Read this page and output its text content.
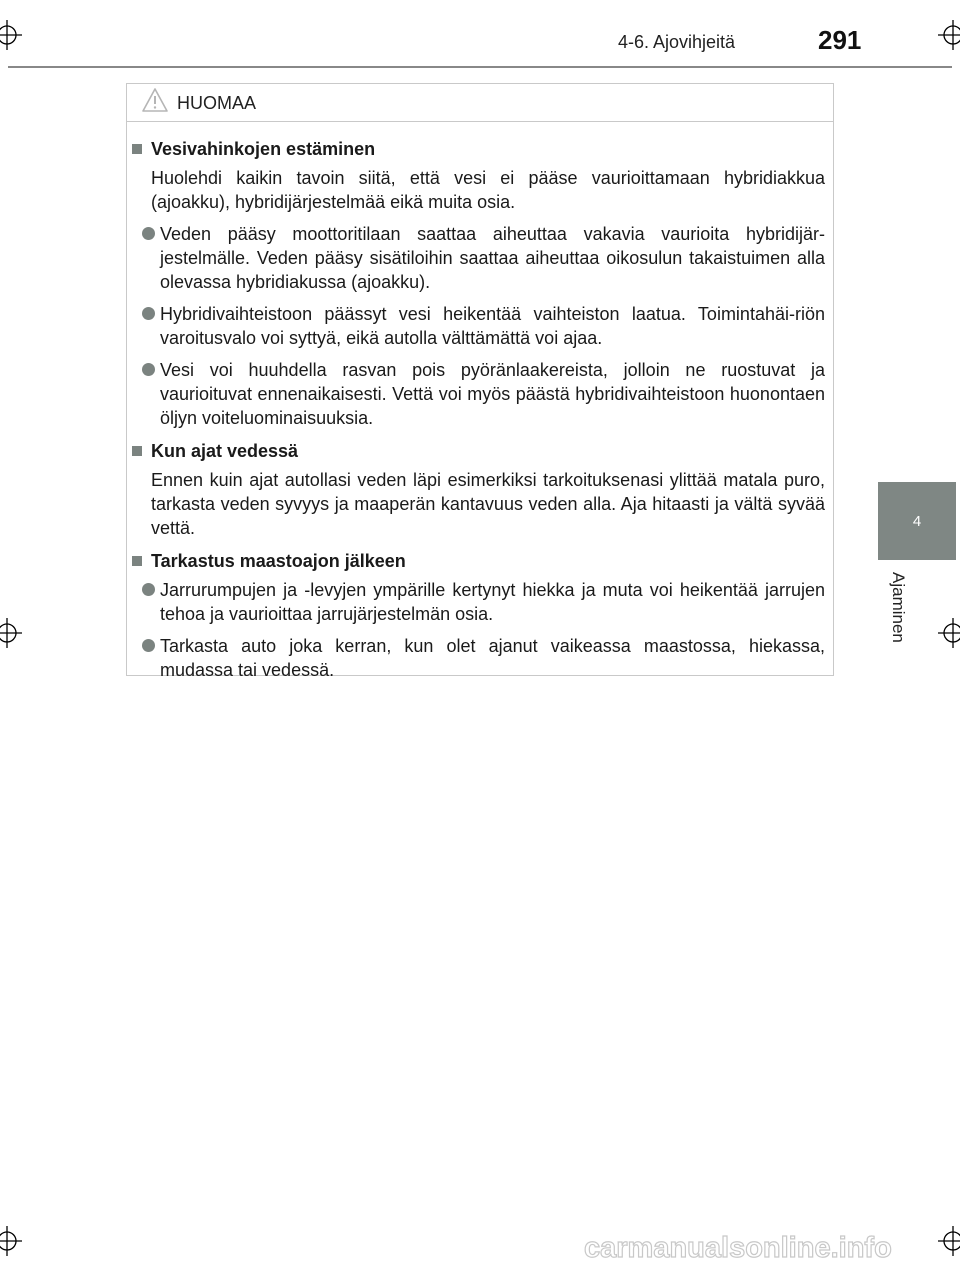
4-6. Ajovihjeitä	291
4
Ajaminen
HUOMAA
Vesivahinkojen estäminen
Huolehdi kaikin tavoin siitä, että vesi ei pääse vaurioittamaan hybridiakkua (ajoakku), hybridijärjestelmää eikä muita osia.
Veden pääsy moottoritilaan saattaa aiheuttaa vakavia vaurioita hybridijär-jestelmälle. Veden pääsy sisätiloihin saattaa aiheuttaa oikosulun takaistuimen alla olevassa hybridiakussa (ajoakku).
Hybridivaihteistoon päässyt vesi heikentää vaihteiston laatua. Toimintahäi-riön varoitusvalo voi syttyä, eikä autolla välttämättä voi ajaa.
Vesi voi huuhdella rasvan pois pyöränlaakereista, jolloin ne ruostuvat ja vaurioituvat ennenaikaisesti. Vettä voi myös päästä hybridivaihteistoon huonontaen öljyn voiteluominaisuuksia.
Kun ajat vedessä
Ennen kuin ajat autollasi veden läpi esimerkiksi tarkoituksenasi ylittää matala puro, tarkasta veden syvyys ja maaperän kantavuus veden alla. Aja hitaasti ja vältä syvää vettä.
Tarkastus maastoajon jälkeen
Jarrurumpujen ja -levyjen ympärille kertynyt hiekka ja muta voi heikentää jarrujen tehoa ja vaurioittaa jarrujärjestelmän osia.
Tarkasta auto joka kerran, kun olet ajanut vaikeassa maastossa, hiekassa, mudassa tai vedessä.
carmanualsonline.info
